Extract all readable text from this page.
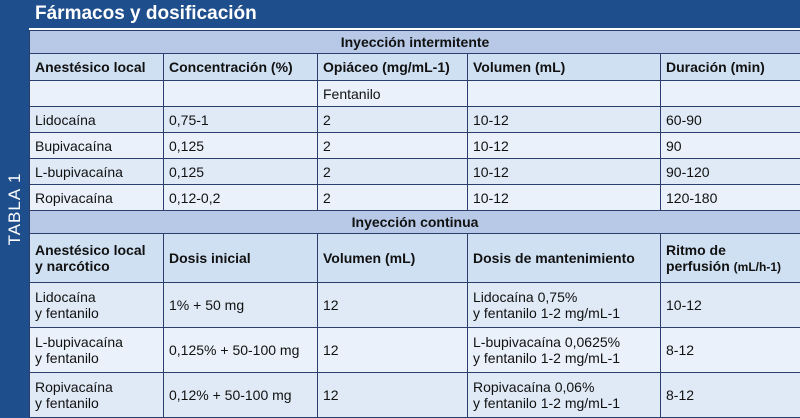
TABLA 1
Fármacos y dosificación
Inyección intermitente				
Anestésico local	Concentración (%)	Opiáceo (mg/mL-1)	Volumen (mL)	Duración (min)
		Fentanilo		
Lidocaína	0,75-1	2	10-12	60-90
Bupivacaína	0,125	2	10-12	90
L-bupivacaína	0,125	2	10-12	90-120
Ropivacaína	0,12-0,2	2	10-12	120-180
Inyección continua				
Anestésico local
y narcótico	Dosis inicial	Volumen (mL)	Dosis de mantenimiento	Ritmo de
perfusión (mL/h-1)
Lidocaína
y fentanilo	1% + 50 mg	12	Lidocaína 0,75%
y fentanilo 1-2 mg/mL-1	10-12
L-bupivacaína
y fentanilo	0,125% + 50-100 mg	12	L-bupivacaína 0,0625%
y fentanilo 1-2 mg/mL-1	8-12
Ropivacaína
y fentanilo	0,12% + 50-100 mg	12	Ropivacaína 0,06%
y fentanilo 1-2 mg/mL-1	8-12
